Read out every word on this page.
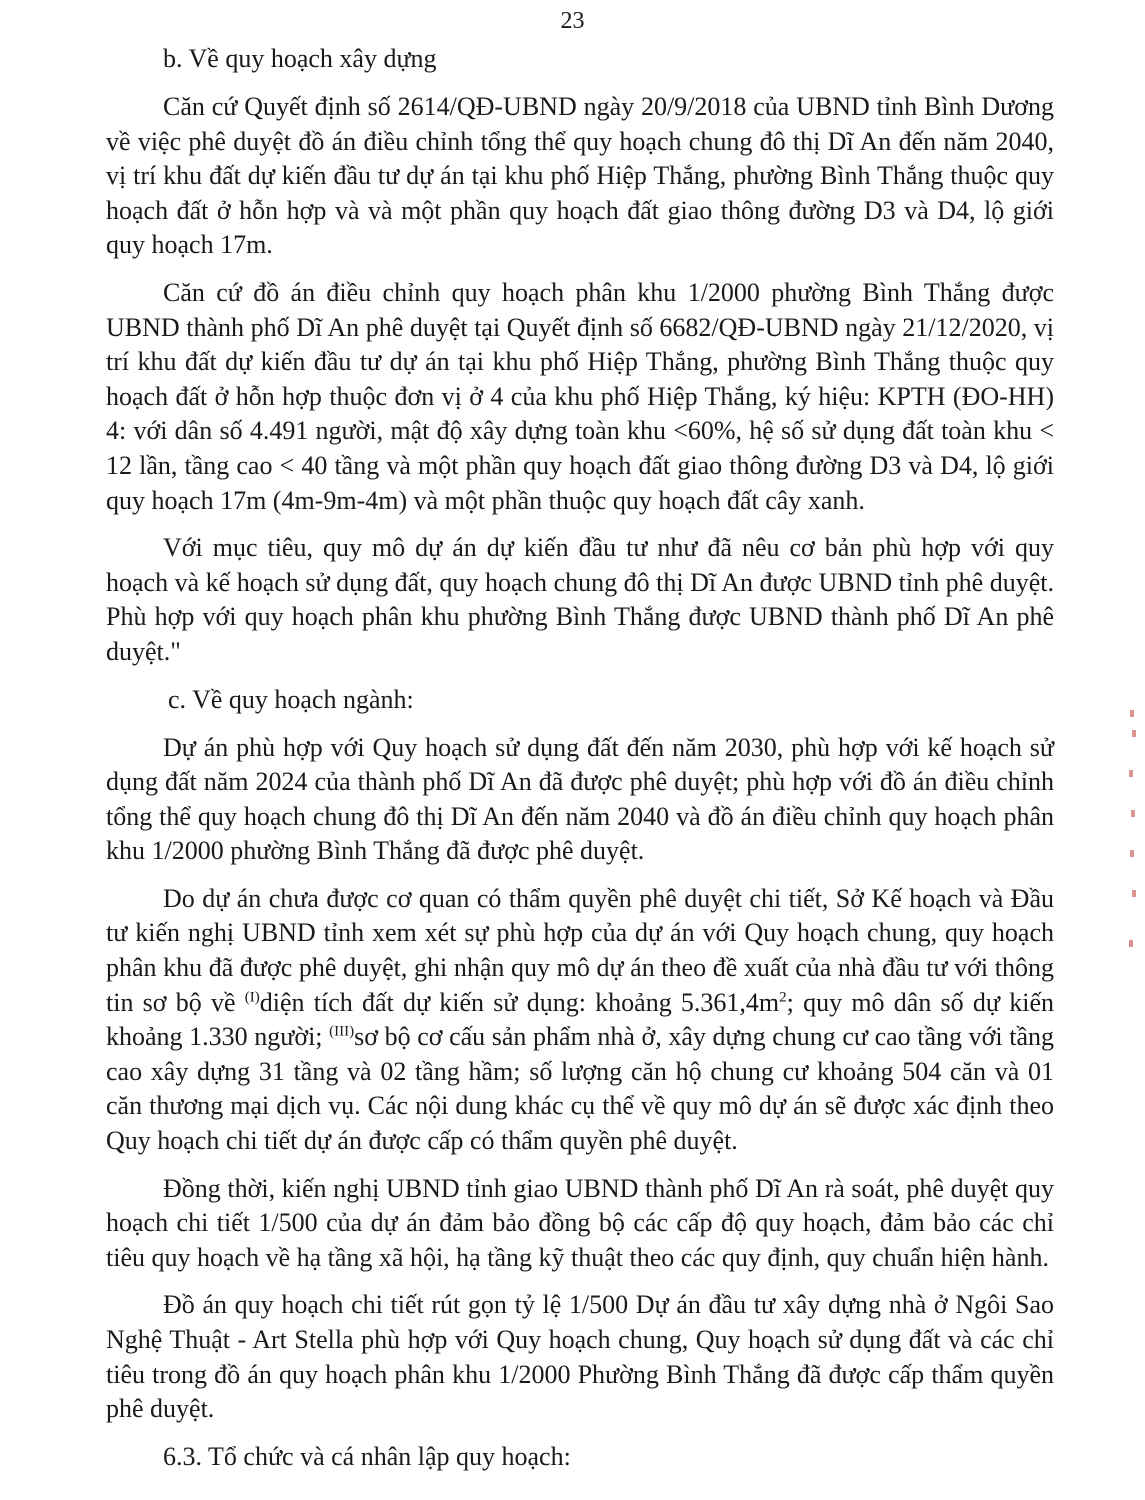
23

b. Về quy hoạch xây dựng

Căn cứ Quyết định số 2614/QĐ-UBND ngày 20/9/2018 của UBND tỉnh Bình Dương về việc phê duyệt đồ án điều chỉnh tổng thể quy hoạch chung đô thị Dĩ An đến năm 2040, vị trí khu đất dự kiến đầu tư dự án tại khu phố Hiệp Thắng, phường Bình Thắng thuộc quy hoạch đất ở hỗn hợp và và một phần quy hoạch đất giao thông đường D3 và D4, lộ giới quy hoạch 17m.

Căn cứ đồ án điều chỉnh quy hoạch phân khu 1/2000 phường Bình Thắng được UBND thành phố Dĩ An phê duyệt tại Quyết định số 6682/QĐ-UBND ngày 21/12/2020, vị trí khu đất dự kiến đầu tư dự án tại khu phố Hiệp Thắng, phường Bình Thắng thuộc quy hoạch đất ở hỗn hợp thuộc đơn vị ở 4 của khu phố Hiệp Thắng, ký hiệu: KPTH (ĐO-HH) 4: với dân số 4.491 người, mật độ xây dựng toàn khu <60%, hệ số sử dụng đất toàn khu < 12 lần, tầng cao < 40 tầng và một phần quy hoạch đất giao thông đường D3 và D4, lộ giới quy hoạch 17m (4m-9m-4m) và một phần thuộc quy hoạch đất cây xanh.

Với mục tiêu, quy mô dự án dự kiến đầu tư như đã nêu cơ bản phù hợp với quy hoạch và kế hoạch sử dụng đất, quy hoạch chung đô thị Dĩ An được UBND tỉnh phê duyệt. Phù hợp với quy hoạch phân khu phường Bình Thắng được UBND thành phố Dĩ An phê duyệt."

c. Về quy hoạch ngành:

Dự án phù hợp với Quy hoạch sử dụng đất đến năm 2030, phù hợp với kế hoạch sử dụng đất năm 2024 của thành phố Dĩ An đã được phê duyệt; phù hợp với đồ án điều chỉnh tổng thể quy hoạch chung đô thị Dĩ An đến năm 2040 và đồ án điều chỉnh quy hoạch phân khu 1/2000 phường Bình Thắng đã được phê duyệt.

Do dự án chưa được cơ quan có thẩm quyền phê duyệt chi tiết, Sở Kế hoạch và Đầu tư kiến nghị UBND tỉnh xem xét sự phù hợp của dự án với Quy hoạch chung, quy hoạch phân khu đã được phê duyệt, ghi nhận quy mô dự án theo đề xuất của nhà đầu tư với thông tin sơ bộ về $^{(I)}$diện tích đất dự kiến sử dụng: khoảng $5.361,4m^2$; quy mô dân số dự kiến khoảng 1.330 người; $^{(III)}$sơ bộ cơ cấu sản phẩm nhà ở, xây dựng chung cư cao tầng với tầng cao xây dựng 31 tầng và 02 tầng hầm; số lượng căn hộ chung cư khoảng 504 căn và 01 căn thương mại dịch vụ. Các nội dung khác cụ thể về quy mô dự án sẽ được xác định theo Quy hoạch chi tiết dự án được cấp có thẩm quyền phê duyệt.

Đồng thời, kiến nghị UBND tỉnh giao UBND thành phố Dĩ An rà soát, phê duyệt quy hoạch chi tiết 1/500 của dự án đảm bảo đồng bộ các cấp độ quy hoạch, đảm bảo các chỉ tiêu quy hoạch về hạ tầng xã hội, hạ tầng kỹ thuật theo các quy định, quy chuẩn hiện hành.

Đồ án quy hoạch chi tiết rút gọn tỷ lệ 1/500 Dự án đầu tư xây dựng nhà ở Ngôi Sao Nghệ Thuật - Art Stella phù hợp với Quy hoạch chung, Quy hoạch sử dụng đất và các chỉ tiêu trong đồ án quy hoạch phân khu 1/2000 Phường Bình Thắng đã được cấp thẩm quyền phê duyệt.

6.3. Tổ chức và cá nhân lập quy hoạch:
